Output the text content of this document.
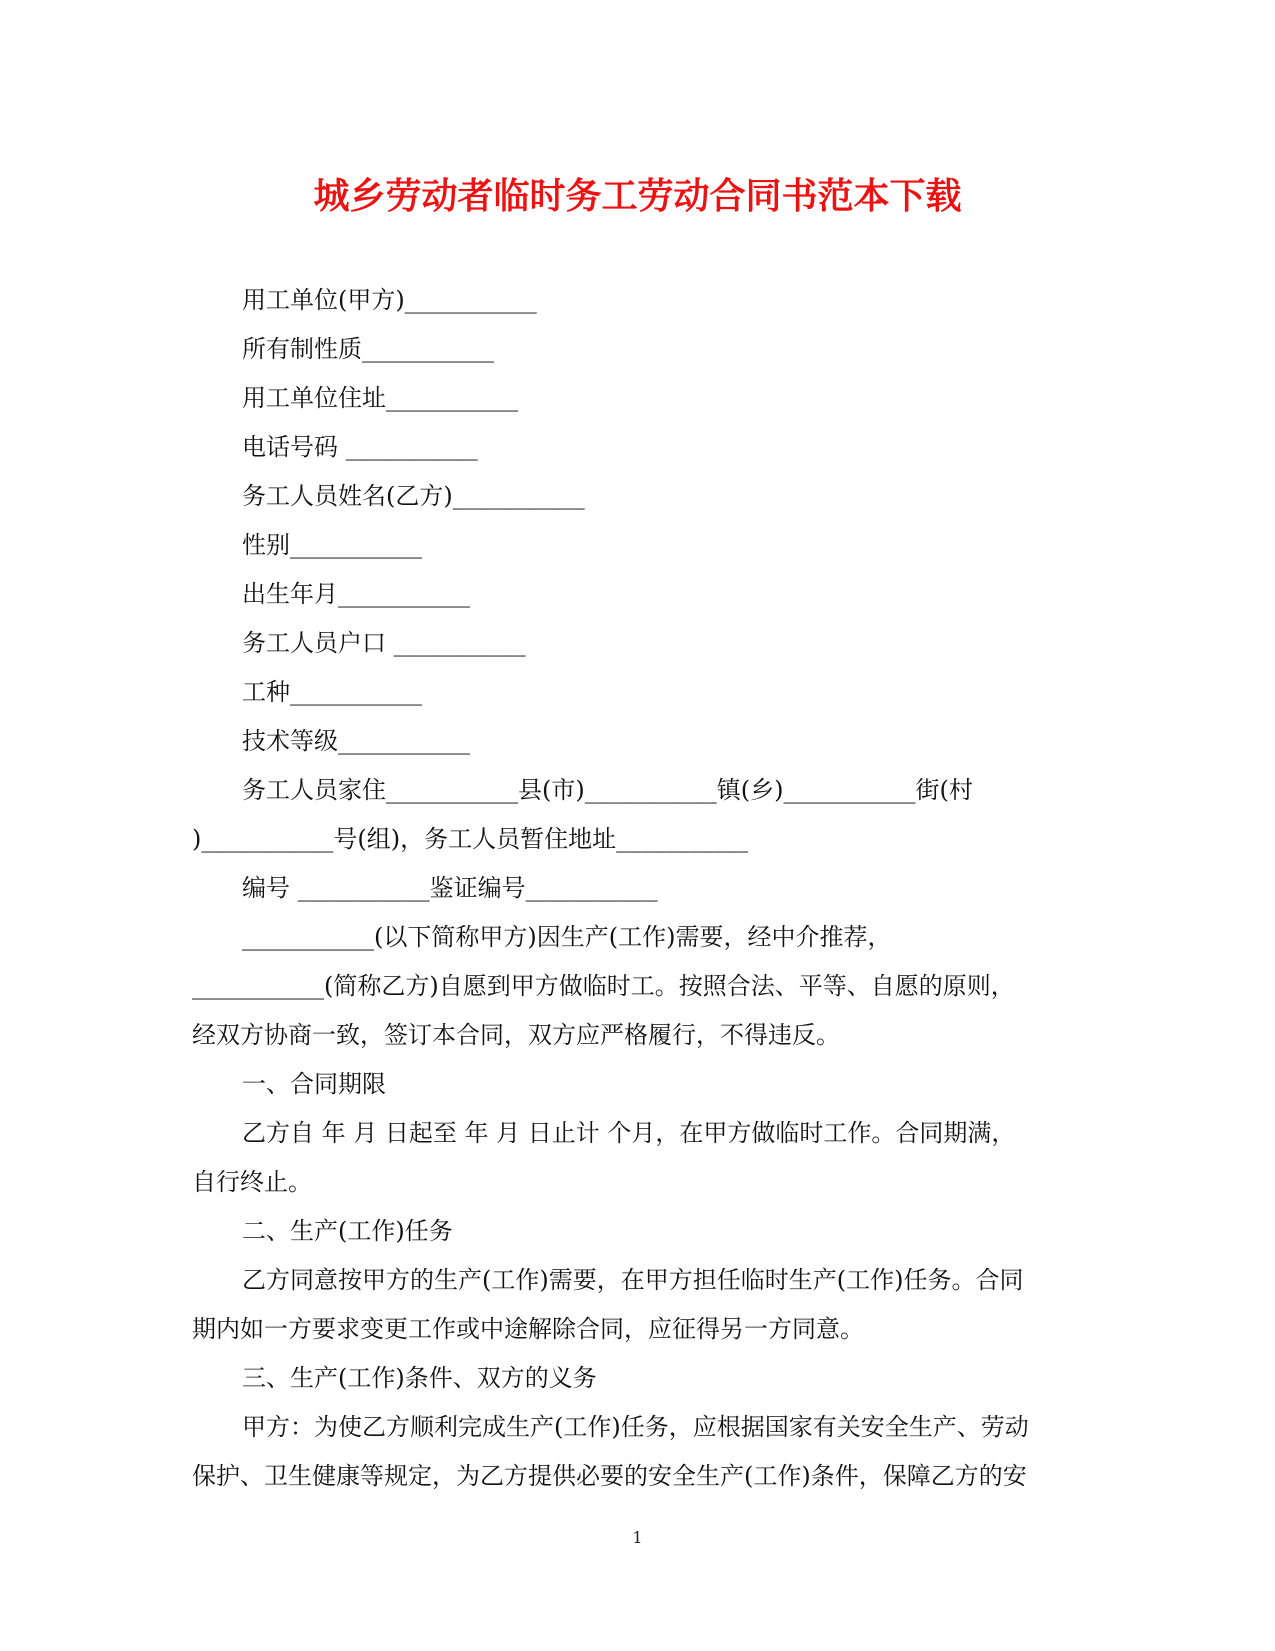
城乡劳动者临时务工劳动合同书范本下载

用工单位(甲方)___________

所有制性质___________

用工单位住址___________

电话号码 ___________

务工人员姓名(乙方)___________

性别___________

出生年月___________

务工人员户口 ___________

工种___________

技术等级___________

务工人员家住___________县(市)___________镇(乡)___________街(村

)___________号(组)，务工人员暂住地址___________

编号 ___________鉴证编号___________

___________(以下简称甲方)因生产(工作)需要，经中介推荐，

___________(简称乙方)自愿到甲方做临时工。按照合法、平等、自愿的原则，

经双方协商一致，签订本合同，双方应严格履行，不得违反。

一、合同期限

乙方自 年 月 日起至 年 月 日止计 个月，在甲方做临时工作。合同期满，

自行终止。

二、生产(工作)任务

乙方同意按甲方的生产(工作)需要，在甲方担任临时生产(工作)任务。合同

期内如一方要求变更工作或中途解除合同，应征得另一方同意。

三、生产(工作)条件、双方的义务

甲方：为使乙方顺利完成生产(工作)任务，应根据国家有关安全生产、劳动

保护、卫生健康等规定，为乙方提供必要的安全生产(工作)条件，保障乙方的安

1
